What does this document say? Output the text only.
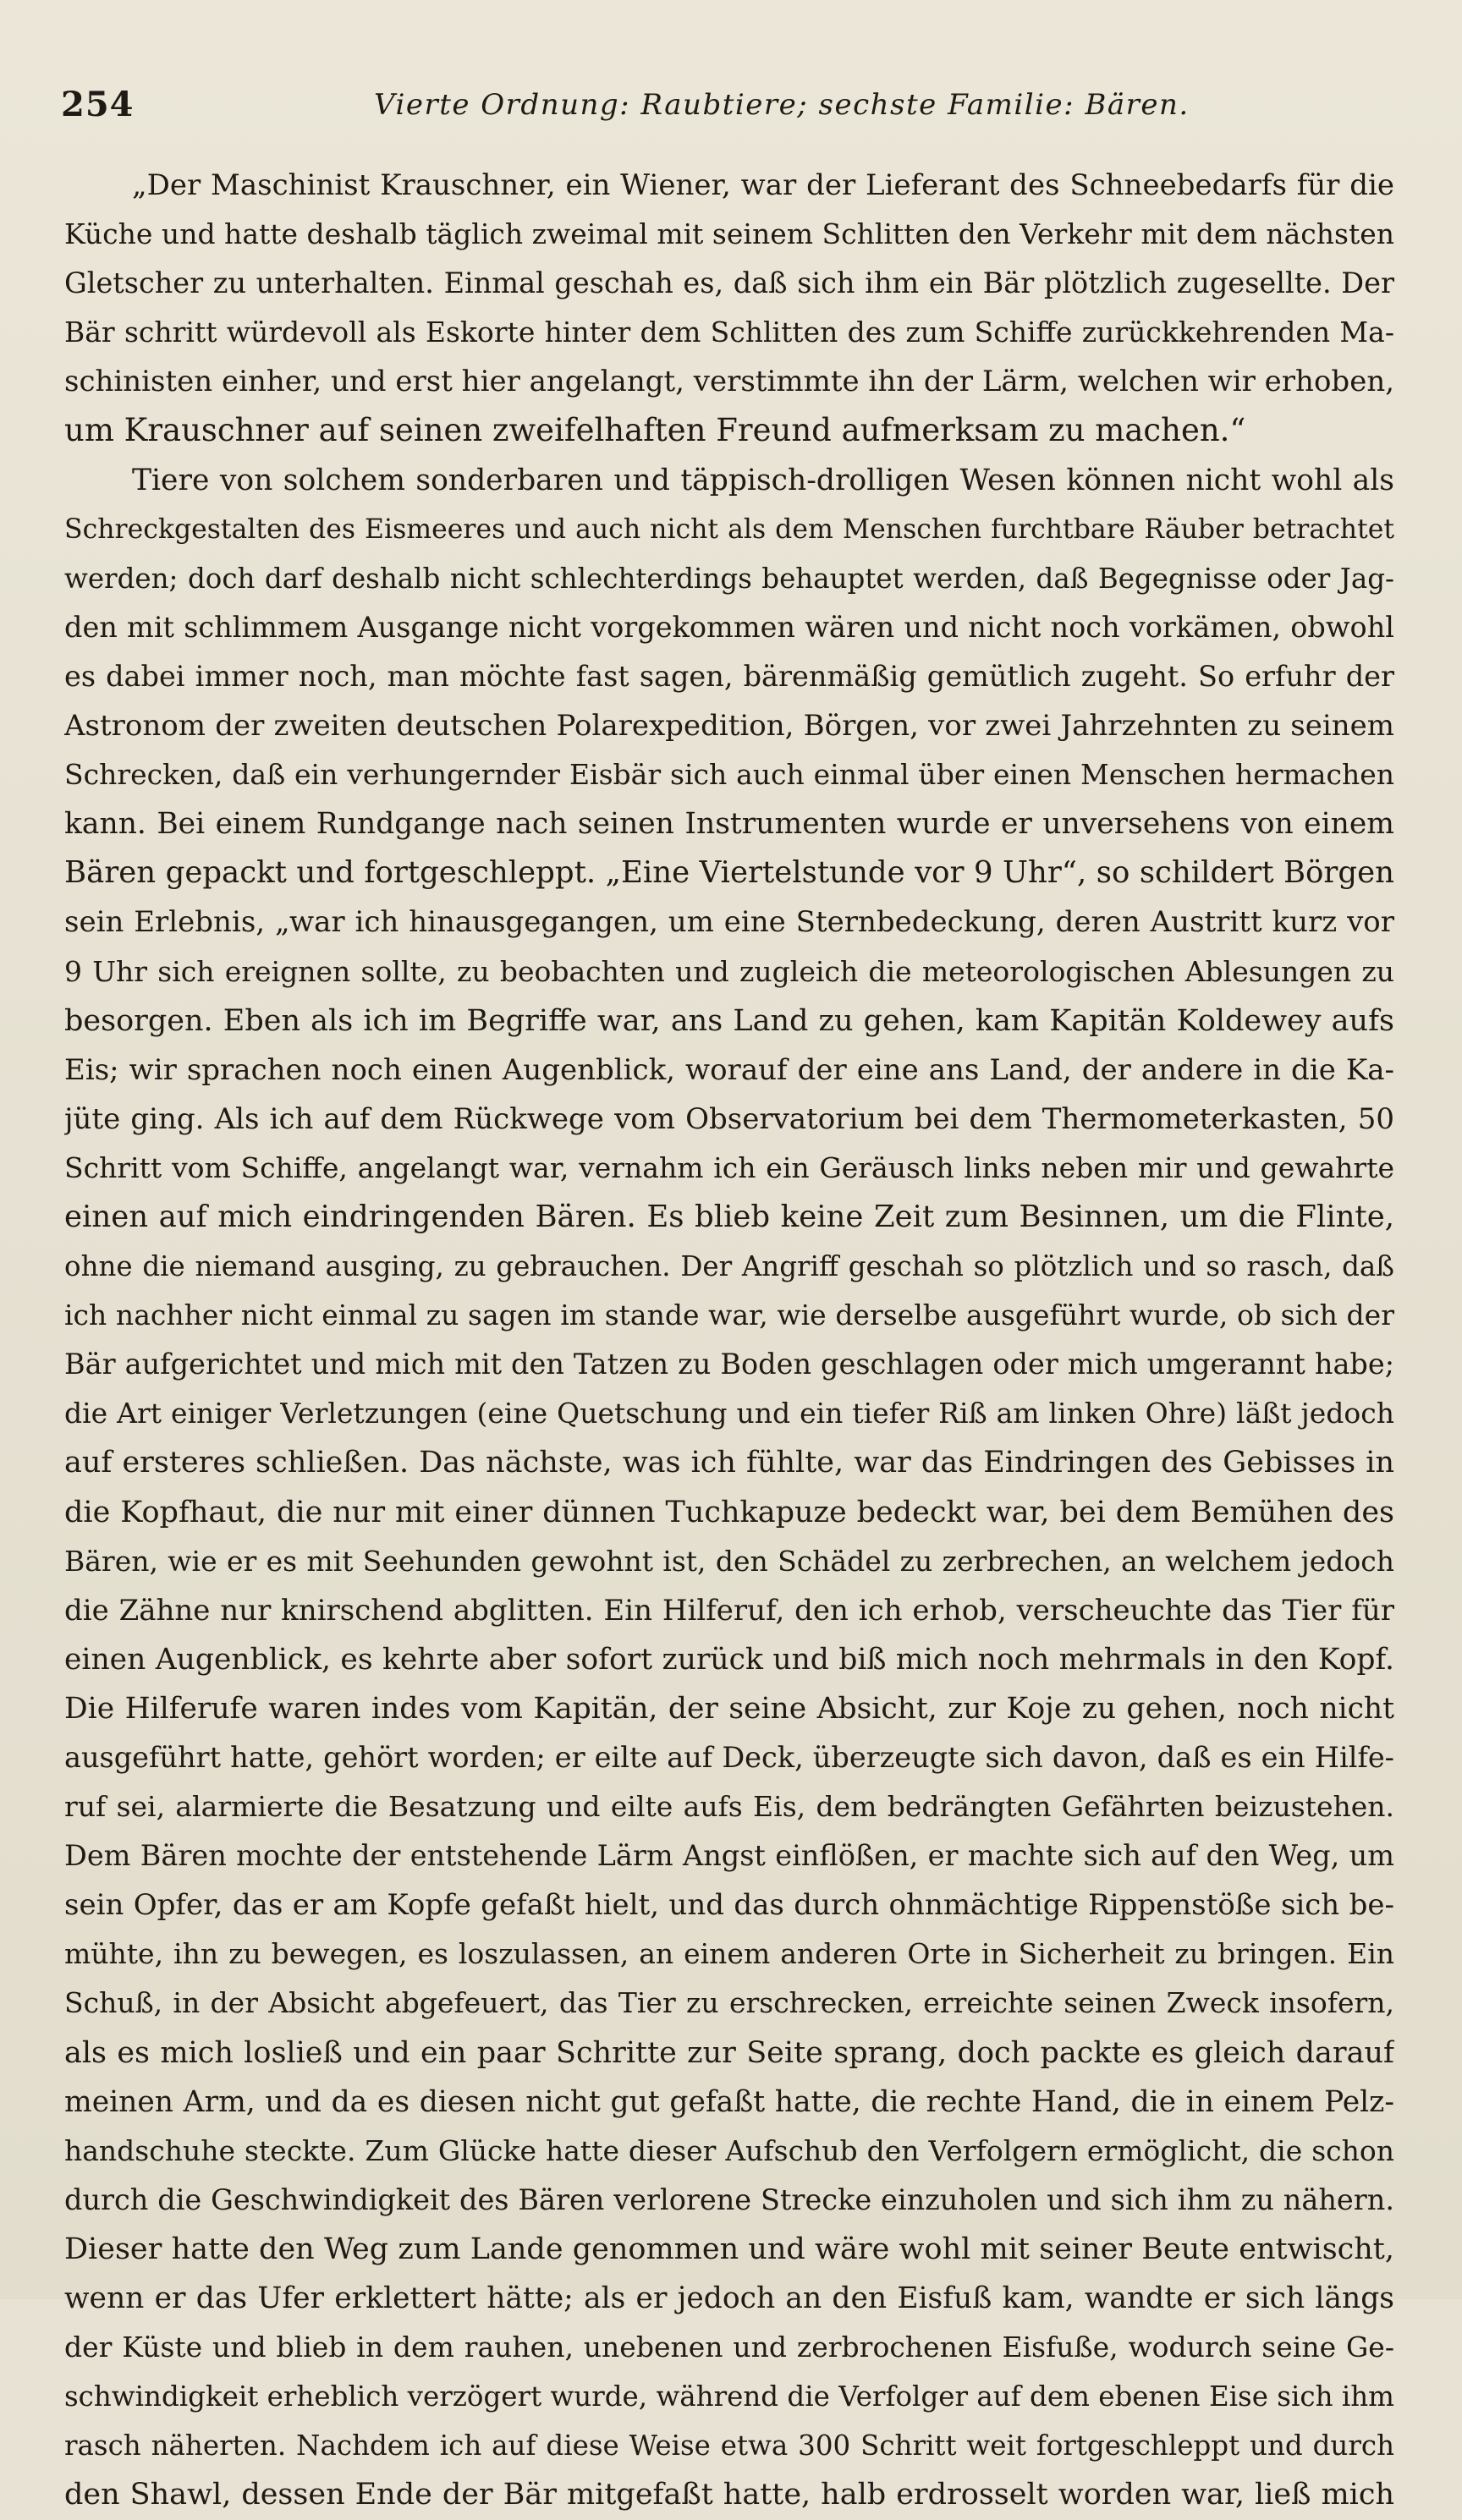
254	Vierte Ordnung: Raubtiere; sechste Familie: Bären.
„Der Maschinist Krauschner, ein Wiener, war der Lieferant des Schneebedarfs für die
Küche und hatte deshalb täglich zweimal mit seinem Schlitten den Verkehr mit dem nächsten
Gletscher zu unterhalten. Einmal geschah es, daß sich ihm ein Bär plötzlich zugesellte. Der
Bär schritt würdevoll als Eskorte hinter dem Schlitten des zum Schiffe zurückkehrenden Ma-
schinisten einher, und erst hier angelangt, verstimmte ihn der Lärm, welchen wir erhoben,
um Krauschner auf seinen zweifelhaften Freund aufmerksam zu machen.“
Tiere von solchem sonderbaren und täppisch-drolligen Wesen können nicht wohl als
Schreckgestalten des Eismeeres und auch nicht als dem Menschen furchtbare Räuber betrachtet
werden; doch darf deshalb nicht schlechterdings behauptet werden, daß Begegnisse oder Jag-
den mit schlimmem Ausgange nicht vorgekommen wären und nicht noch vorkämen, obwohl
es dabei immer noch, man möchte fast sagen, bärenmäßig gemütlich zugeht. So erfuhr der
Astronom der zweiten deutschen Polarexpedition, Börgen, vor zwei Jahrzehnten zu seinem
Schrecken, daß ein verhungernder Eisbär sich auch einmal über einen Menschen hermachen
kann. Bei einem Rundgange nach seinen Instrumenten wurde er unversehens von einem
Bären gepackt und fortgeschleppt. „Eine Viertelstunde vor 9 Uhr“, so schildert Börgen
sein Erlebnis, „war ich hinausgegangen, um eine Sternbedeckung, deren Austritt kurz vor
9 Uhr sich ereignen sollte, zu beobachten und zugleich die meteorologischen Ablesungen zu
besorgen. Eben als ich im Begriffe war, ans Land zu gehen, kam Kapitän Koldewey aufs
Eis; wir sprachen noch einen Augenblick, worauf der eine ans Land, der andere in die Ka-
jüte ging. Als ich auf dem Rückwege vom Observatorium bei dem Thermometerkasten, 50
Schritt vom Schiffe, angelangt war, vernahm ich ein Geräusch links neben mir und gewahrte
einen auf mich eindringenden Bären. Es blieb keine Zeit zum Besinnen, um die Flinte,
ohne die niemand ausging, zu gebrauchen. Der Angriff geschah so plötzlich und so rasch, daß
ich nachher nicht einmal zu sagen im stande war, wie derselbe ausgeführt wurde, ob sich der
Bär aufgerichtet und mich mit den Tatzen zu Boden geschlagen oder mich umgerannt habe;
die Art einiger Verletzungen (eine Quetschung und ein tiefer Riß am linken Ohre) läßt jedoch
auf ersteres schließen. Das nächste, was ich fühlte, war das Eindringen des Gebisses in
die Kopfhaut, die nur mit einer dünnen Tuchkapuze bedeckt war, bei dem Bemühen des
Bären, wie er es mit Seehunden gewohnt ist, den Schädel zu zerbrechen, an welchem jedoch
die Zähne nur knirschend abglitten. Ein Hilferuf, den ich erhob, verscheuchte das Tier für
einen Augenblick, es kehrte aber sofort zurück und biß mich noch mehrmals in den Kopf.
Die Hilferufe waren indes vom Kapitän, der seine Absicht, zur Koje zu gehen, noch nicht
ausgeführt hatte, gehört worden; er eilte auf Deck, überzeugte sich davon, daß es ein Hilfe-
ruf sei, alarmierte die Besatzung und eilte aufs Eis, dem bedrängten Gefährten beizustehen.
Dem Bären mochte der entstehende Lärm Angst einflößen, er machte sich auf den Weg, um
sein Opfer, das er am Kopfe gefaßt hielt, und das durch ohnmächtige Rippenstöße sich be-
mühte, ihn zu bewegen, es loszulassen, an einem anderen Orte in Sicherheit zu bringen. Ein
Schuß, in der Absicht abgefeuert, das Tier zu erschrecken, erreichte seinen Zweck insofern,
als es mich losließ und ein paar Schritte zur Seite sprang, doch packte es gleich darauf
meinen Arm, und da es diesen nicht gut gefaßt hatte, die rechte Hand, die in einem Pelz-
handschuhe steckte. Zum Glücke hatte dieser Aufschub den Verfolgern ermöglicht, die schon
durch die Geschwindigkeit des Bären verlorene Strecke einzuholen und sich ihm zu nähern.
Dieser hatte den Weg zum Lande genommen und wäre wohl mit seiner Beute entwischt,
wenn er das Ufer erklettert hätte; als er jedoch an den Eisfuß kam, wandte er sich längs
der Küste und blieb in dem rauhen, unebenen und zerbrochenen Eisfuße, wodurch seine Ge-
schwindigkeit erheblich verzögert wurde, während die Verfolger auf dem ebenen Eise sich ihm
rasch näherten. Nachdem ich auf diese Weise etwa 300 Schritt weit fortgeschleppt und durch
den Shawl, dessen Ende der Bär mitgefaßt hatte, halb erdrosselt worden war, ließ mich
